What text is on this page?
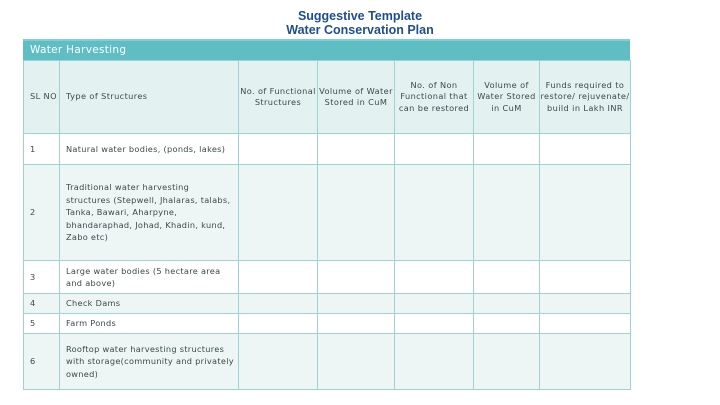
Suggestive Template
Water Conservation Plan
Water Harvesting
SL NO	Type of Structures	No. of Functional Structures	Volume of Water Stored in CuM	No. of Non Functional that can be restored	Volume of Water Stored in CuM	Funds required to restore/ rejuvenate/ build in Lakh INR
1	Natural water bodies, (ponds, lakes)					
2	Traditional water harvesting structures (Stepwell, Jhalaras, talabs, Tanka, Bawari, Aharpyne, bhandaraphad, Johad, Khadin, kund, Zabo etc)					
3	Large water bodies (5 hectare area and above)					
4	Check Dams					
5	Farm Ponds					
6	Rooftop water harvesting structures with storage(community and privately owned)					
